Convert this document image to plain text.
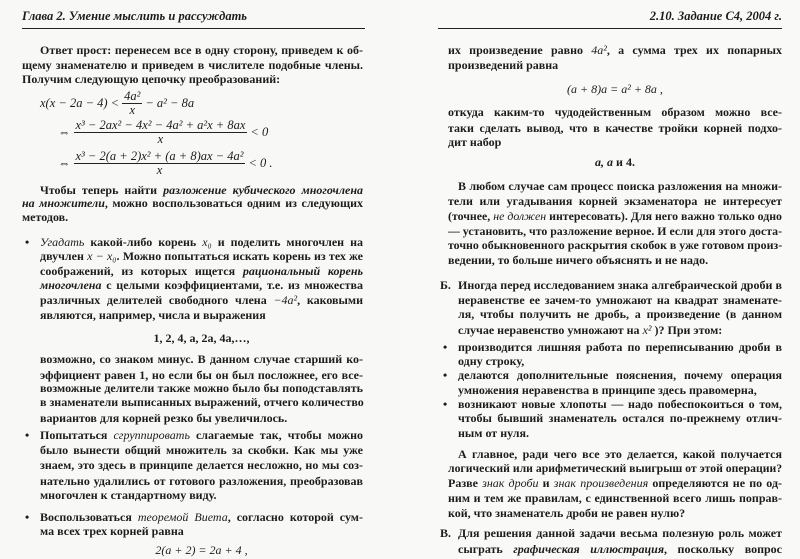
Глава 2. Умение мыслить и рассуждать
Ответ прост: перенесем все в одну сторону, приведем к об-
щему знаменателю и приведем в числителе подобные члены.
Получим следующую цепочку преобразований:
$x(x - 2a - 4) < \frac{\text{4a²}}{x} - a^2 - 8a$
⇔ $\frac{\text{x³ − 2ax² − 4x² − 4a² + a²x + 8ax}}{x} < 0$
⇔ $\frac{\text{x³ − 2(a + 2)x² + (a + 8)ax − 4a²}}{x} < 0$ .
Чтобы теперь найти разложение кубического многочлена
на множители, можно воспользоваться одним из следующих
методов.
• Угадать какой-либо корень x₀ и поделить многочлен на
двучлен x − x₀. Можно попытаться искать корень из тех же
соображений, из которых ищется рациональный корень
многочлена с целыми коэффициентами, т.е. из множества
различных делителей свободного члена −4a², каковыми
являются, например, числа и выражения
1, 2, 4, a, 2a, 4a,…,
возможно, со знаком минус. В данном случае старший ко-
эффициент равен 1, но если бы он был посложнее, его все-
возможные делители также можно было бы поподставлять
в знаменатели выписанных выражений, отчего количество
вариантов для корней резко бы увеличилось.
• Попытаться сгруппировать слагаемые так, чтобы можно
было вынести общий множитель за скобки. Как мы уже
знаем, это здесь в принципе делается несложно, но мы соз-
нательно удалились от готового разложения, преобразовав
многочлен к стандартному виду.
• Воспользоваться теоремой Виета, согласно которой сум-
ма всех трех корней равна
2(a + 2) = 2a + 4 ,
2.10. Задание С4, 2004 г.
их произведение равно 4a², а сумма трех их попарных
произведений равна
(a + 8)a = a² + 8a ,
откуда каким-то чудодейственным образом можно все-
таки сделать вывод, что в качестве тройки корней подхо-
дит набор
a, a и 4.
В любом случае сам процесс поиска разложения на множи-
тели или угадывания корней экзаменатора не интересует
(точнее, не должен интересовать). Для него важно только одно
— установить, что разложение верное. И если для этого доста-
точно обыкновенного раскрытия скобок в уже готовом произ-
ведении, то больше ничего объяснять и не надо.
Б. Иногда перед исследованием знака алгебраической дроби в
неравенстве ее зачем-то умножают на квадрат знаменате-
ля, чтобы получить не дробь, а произведение (в данном
случае неравенство умножают на x² )? При этом:
• производится лишняя работа по переписыванию дроби в
одну строку,
• делаются дополнительные пояснения, почему операция
умножения неравенства в принципе здесь правомерна,
• возникают новые хлопоты — надо побеспокоиться о том,
чтобы бывший знаменатель остался по-прежнему отлич-
ным от нуля.
А главное, ради чего все это делается, какой получается
логический или арифметический выигрыш от этой операции?
Разве знак дроби и знак произведения определяются не по од-
ним и тем же правилам, с единственной всего лишь поправ-
кой, что знаменатель дроби не равен нулю?
В. Для решения данной задачи весьма полезную роль может
сыграть графическая иллюстрация, поскольку вопрос
